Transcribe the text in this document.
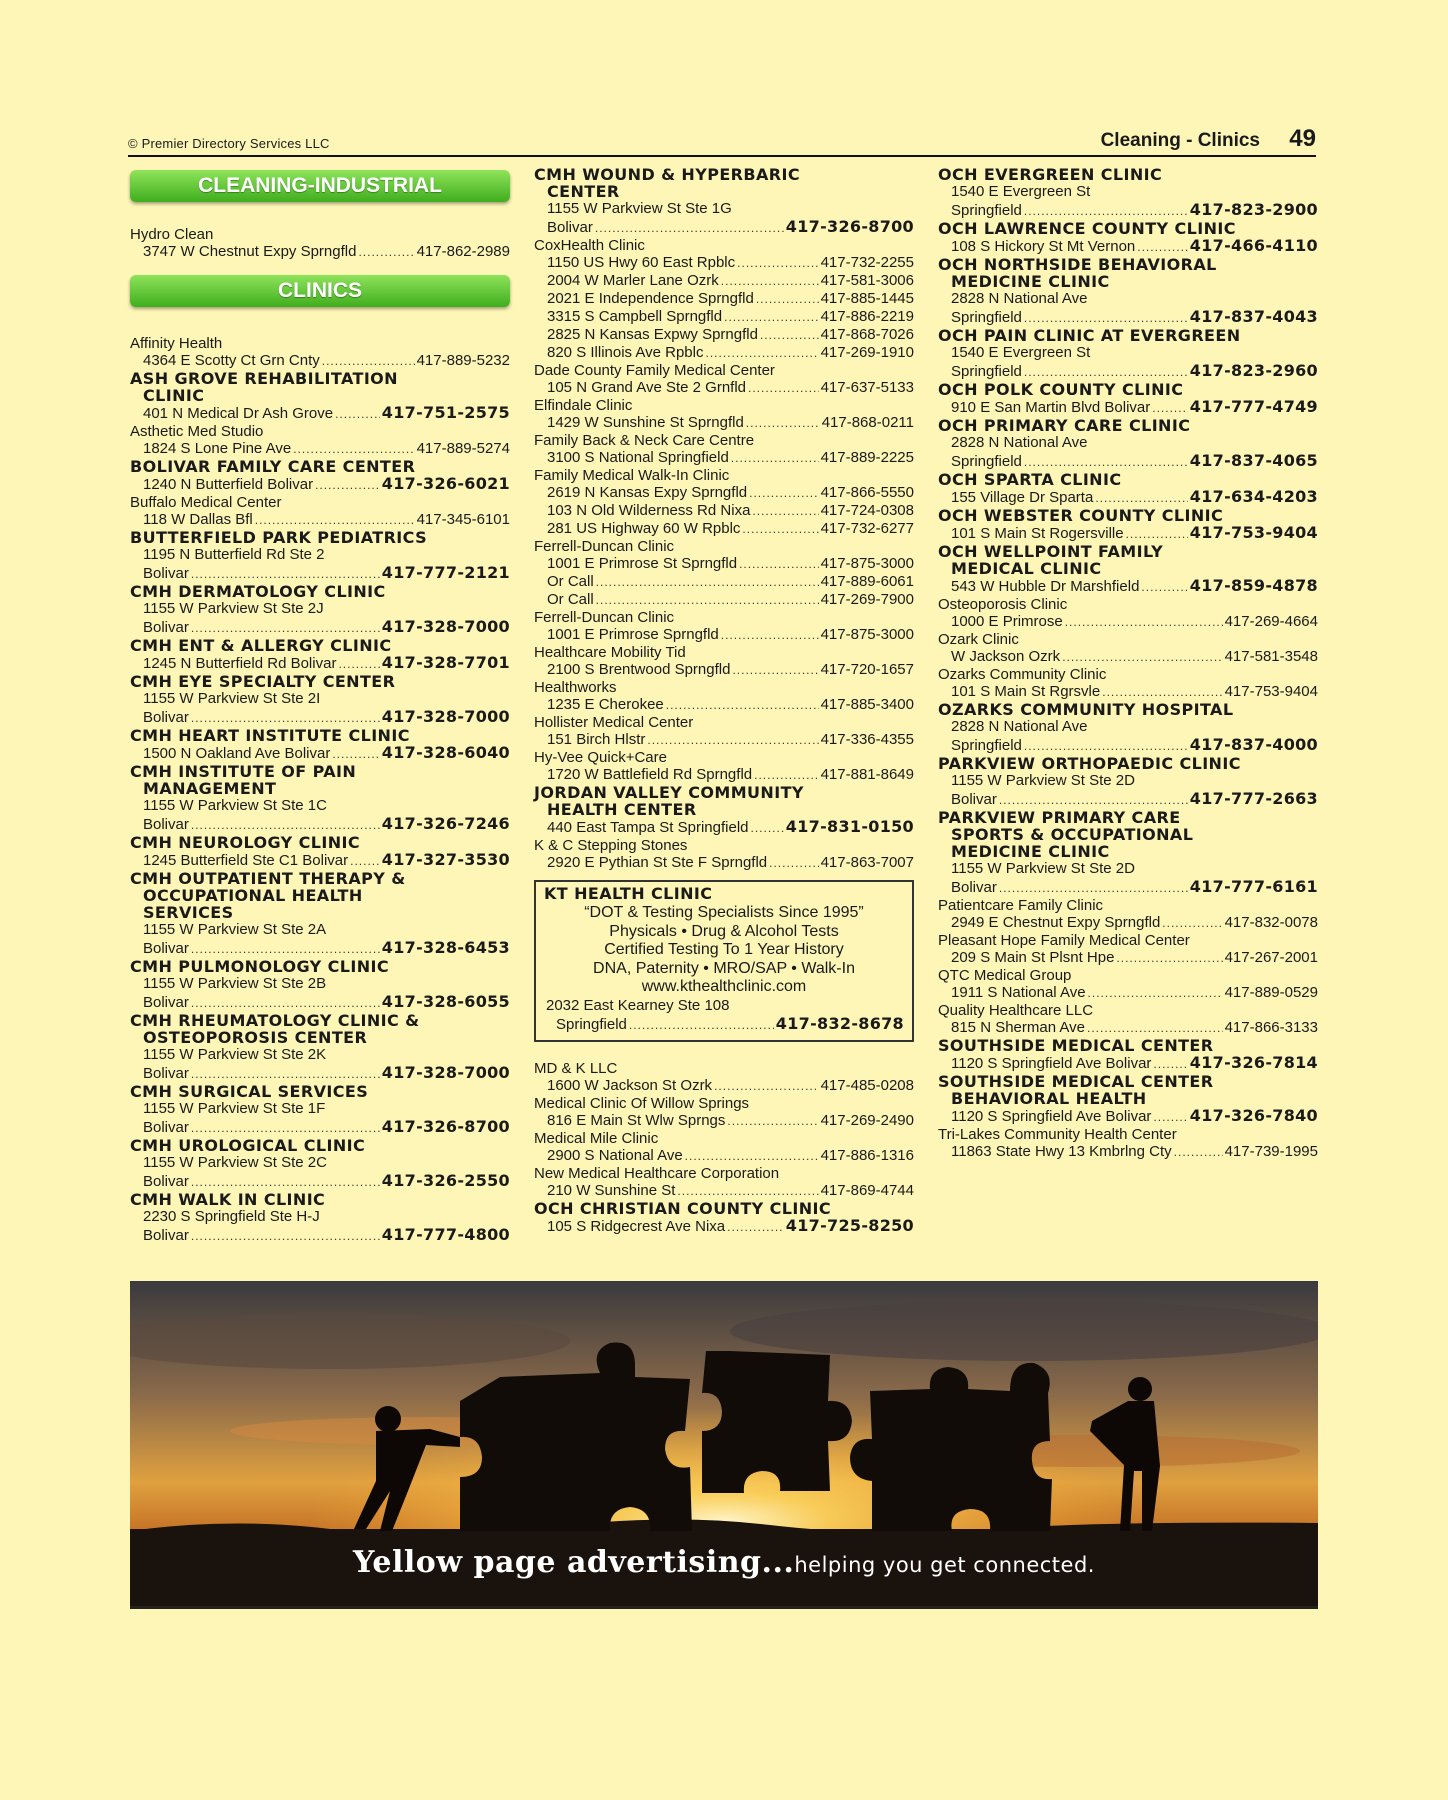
© Premier Directory Services LLC	Cleaning - Clinics 49
CLEANING-INDUSTRIAL
Hydro Clean
3747 W Chestnut Expy Sprngfld .....	417-862-2989
CLINICS
Affinity Health
4364 E Scotty Ct Grn Cnty .....	417-889-5232
ASH GROVE REHABILITATION
CLINIC
401 N Medical Dr Ash Grove .....	417-751-2575
Asthetic Med Studio
1824 S Lone Pine Ave .....	417-889-5274
BOLIVAR FAMILY CARE CENTER
1240 N Butterfield Bolivar .....	417-326-6021
Buffalo Medical Center
118 W Dallas Bfl .....	417-345-6101
BUTTERFIELD PARK PEDIATRICS
1195 N Butterfield Rd Ste 2
Bolivar .....	417-777-2121
CMH DERMATOLOGY CLINIC
1155 W Parkview St Ste 2J
Bolivar .....	417-328-7000
CMH ENT & ALLERGY CLINIC
1245 N Butterfield Rd Bolivar .....	417-328-7701
CMH EYE SPECIALTY CENTER
1155 W Parkview St Ste 2I
Bolivar .....	417-328-7000
CMH HEART INSTITUTE CLINIC
1500 N Oakland Ave Bolivar .....	417-328-6040
CMH INSTITUTE OF PAIN
MANAGEMENT
1155 W Parkview St Ste 1C
Bolivar .....	417-326-7246
CMH NEUROLOGY CLINIC
1245 Butterfield Ste C1 Bolivar ..... 417-327-3530
CMH OUTPATIENT THERAPY &
OCCUPATIONAL HEALTH
SERVICES
1155 W Parkview St Ste 2A
Bolivar .....	417-328-6453
CMH PULMONOLOGY CLINIC
1155 W Parkview St Ste 2B
Bolivar .....	417-328-6055
CMH RHEUMATOLOGY CLINIC &
OSTEOPOROSIS CENTER
1155 W Parkview St Ste 2K
Bolivar .....	417-328-7000
CMH SURGICAL SERVICES
1155 W Parkview St Ste 1F
Bolivar .....	417-326-8700
CMH UROLOGICAL CLINIC
1155 W Parkview St Ste 2C
Bolivar .....	417-326-2550
CMH WALK IN CLINIC
2230 S Springfield Ste H-J
Bolivar .....	417-777-4800
CMH WOUND & HYPERBARIC
CENTER
1155 W Parkview St Ste 1G
Bolivar .....	417-326-8700
CoxHealth Clinic
1150 US Hwy 60 East Rpblc .....	417-732-2255
2004 W Marler Lane Ozrk .....	417-581-3006
2021 E Independence Sprngfld .....	417-885-1445
3315 S Campbell Sprngfld .....	417-886-2219
2825 N Kansas Expwy Sprngfld .....	417-868-7026
820 S Illinois Ave Rpblc .....	417-269-1910
Dade County Family Medical Center
105 N Grand Ave Ste 2 Grnfld .....	417-637-5133
Elfindale Clinic
1429 W Sunshine St Sprngfld .....	417-868-0211
Family Back & Neck Care Centre
3100 S National Springfield .....	417-889-2225
Family Medical Walk-In Clinic
2619 N Kansas Expy Sprngfld .....	417-866-5550
103 N Old Wilderness Rd Nixa .....	417-724-0308
281 US Highway 60 W Rpblc .....	417-732-6277
Ferrell-Duncan Clinic
1001 E Primrose St Sprngfld .....	417-875-3000
Or Call .....	417-889-6061
Or Call .....	417-269-7900
Ferrell-Duncan Clinic
1001 E Primrose Sprngfld .....	417-875-3000
Healthcare Mobility Tid
2100 S Brentwood Sprngfld .....	417-720-1657
Healthworks
1235 E Cherokee .....	417-885-3400
Hollister Medical Center
151 Birch Hlstr .....	417-336-4355
Hy-Vee Quick+Care
1720 W Battlefield Rd Sprngfld .....	417-881-8649
JORDAN VALLEY COMMUNITY
HEALTH CENTER
440 East Tampa St Springfield ..... 417-831-0150
K & C Stepping Stones
2920 E Pythian St Ste F Sprngfld .....	417-863-7007
KT HEALTH CLINIC
“DOT & Testing Specialists Since 1995”
Physicals • Drug & Alcohol Tests
Certified Testing To 1 Year History
DNA, Paternity • MRO/SAP • Walk-In
www.kthealthclinic.com
2032 East Kearney Ste 108
Springfield .....	417-832-8678
MD & K LLC
1600 W Jackson St Ozrk .....	417-485-0208
Medical Clinic Of Willow Springs
816 E Main St Wlw Sprngs .....	417-269-2490
Medical Mile Clinic
2900 S National Ave .....	417-886-1316
New Medical Healthcare Corporation
210 W Sunshine St .....	417-869-4744
OCH CHRISTIAN COUNTY CLINIC
105 S Ridgecrest Ave Nixa .....	417-725-8250
OCH EVERGREEN CLINIC
1540 E Evergreen St
Springfield .....	417-823-2900
OCH LAWRENCE COUNTY CLINIC
108 S Hickory St Mt Vernon .....	417-466-4110
OCH NORTHSIDE BEHAVIORAL
MEDICINE CLINIC
2828 N National Ave
Springfield .....	417-837-4043
OCH PAIN CLINIC AT EVERGREEN
1540 E Evergreen St
Springfield .....	417-823-2960
OCH POLK COUNTY CLINIC
910 E San Martin Blvd Bolivar ..... 417-777-4749
OCH PRIMARY CARE CLINIC
2828 N National Ave
Springfield .....	417-837-4065
OCH SPARTA CLINIC
155 Village Dr Sparta .....	417-634-4203
OCH WEBSTER COUNTY CLINIC
101 S Main St Rogersville .....	417-753-9404
OCH WELLPOINT FAMILY
MEDICAL CLINIC
543 W Hubble Dr Marshfield .....	417-859-4878
Osteoporosis Clinic
1000 E Primrose .....	417-269-4664
Ozark Clinic
W Jackson Ozrk .....	417-581-3548
Ozarks Community Clinic
101 S Main St Rgrsvle .....	417-753-9404
OZARKS COMMUNITY HOSPITAL
2828 N National Ave
Springfield .....	417-837-4000
PARKVIEW ORTHOPAEDIC CLINIC
1155 W Parkview St Ste 2D
Bolivar .....	417-777-2663
PARKVIEW PRIMARY CARE
SPORTS & OCCUPATIONAL
MEDICINE CLINIC
1155 W Parkview St Ste 2D
Bolivar .....	417-777-6161
Patientcare Family Clinic
2949 E Chestnut Expy Sprngfld .....	417-832-0078
Pleasant Hope Family Medical Center
209 S Main St Plsnt Hpe .....	417-267-2001
QTC Medical Group
1911 S National Ave .....	417-889-0529
Quality Healthcare LLC
815 N Sherman Ave .....	417-866-3133
SOUTHSIDE MEDICAL CENTER
1120 S Springfield Ave Bolivar ..... 417-326-7814
SOUTHSIDE MEDICAL CENTER
BEHAVIORAL HEALTH
1120 S Springfield Ave Bolivar ..... 417-326-7840
Tri-Lakes Community Health Center
11863 State Hwy 13 Kmbrlng Cty .....	417-739-1995
Yellow page advertising...helping you get connected.
